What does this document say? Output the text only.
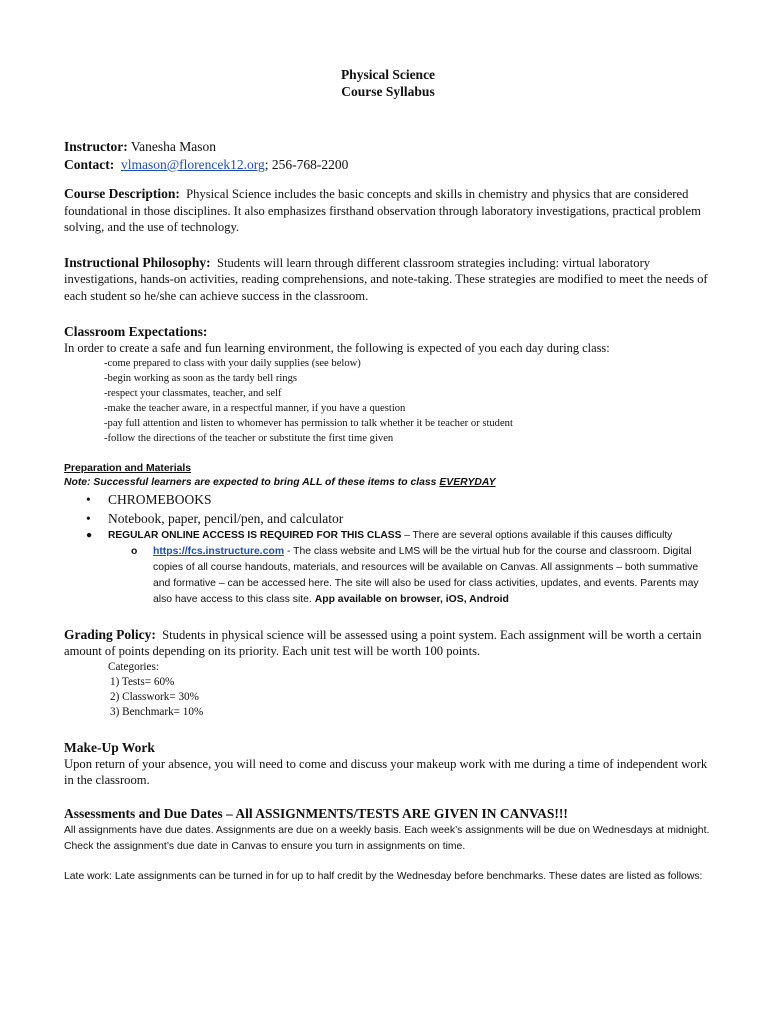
Physical Science
Course Syllabus
Instructor: Vanesha Mason
Contact: vlmason@florencek12.org; 256-768-2200
Course Description: Physical Science includes the basic concepts and skills in chemistry and physics that are considered foundational in those disciplines. It also emphasizes firsthand observation through laboratory investigations, practical problem solving, and the use of technology.
Instructional Philosophy: Students will learn through different classroom strategies including: virtual laboratory investigations, hands-on activities, reading comprehensions, and note-taking. These strategies are modified to meet the needs of each student so he/she can achieve success in the classroom.
Classroom Expectations:
In order to create a safe and fun learning environment, the following is expected of you each day during class:
-come prepared to class with your daily supplies (see below)
-begin working as soon as the tardy bell rings
-respect your classmates, teacher, and self
-make the teacher aware, in a respectful manner, if you have a question
-pay full attention and listen to whomever has permission to talk whether it be teacher or student
-follow the directions of the teacher or substitute the first time given
Preparation and Materials
Note: Successful learners are expected to bring ALL of these items to class EVERYDAY
• CHROMEBOOKS
• Notebook, paper, pencil/pen, and calculator
● REGULAR ONLINE ACCESS IS REQUIRED FOR THIS CLASS – There are several options available if this causes difficulty
o https://fcs.instructure.com - The class website and LMS will be the virtual hub for the course and classroom. Digital copies of all course handouts, materials, and resources will be available on Canvas. All assignments – both summative and formative – can be accessed here. The site will also be used for class activities, updates, and events. Parents may also have access to this class site. App available on browser, iOS, Android
Grading Policy: Students in physical science will be assessed using a point system. Each assignment will be worth a certain amount of points depending on its priority. Each unit test will be worth 100 points.
Categories:
1) Tests= 60%
2) Classwork= 30%
3) Benchmark= 10%
Make-Up Work
Upon return of your absence, you will need to come and discuss your makeup work with me during a time of independent work in the classroom.
Assessments and Due Dates – All ASSIGNMENTS/TESTS ARE GIVEN IN CANVAS!!!
All assignments have due dates. Assignments are due on a weekly basis. Each week’s assignments will be due on Wednesdays at midnight. Check the assignment’s due date in Canvas to ensure you turn in assignments on time.
Late work: Late assignments can be turned in for up to half credit by the Wednesday before benchmarks. These dates are listed as follows:
